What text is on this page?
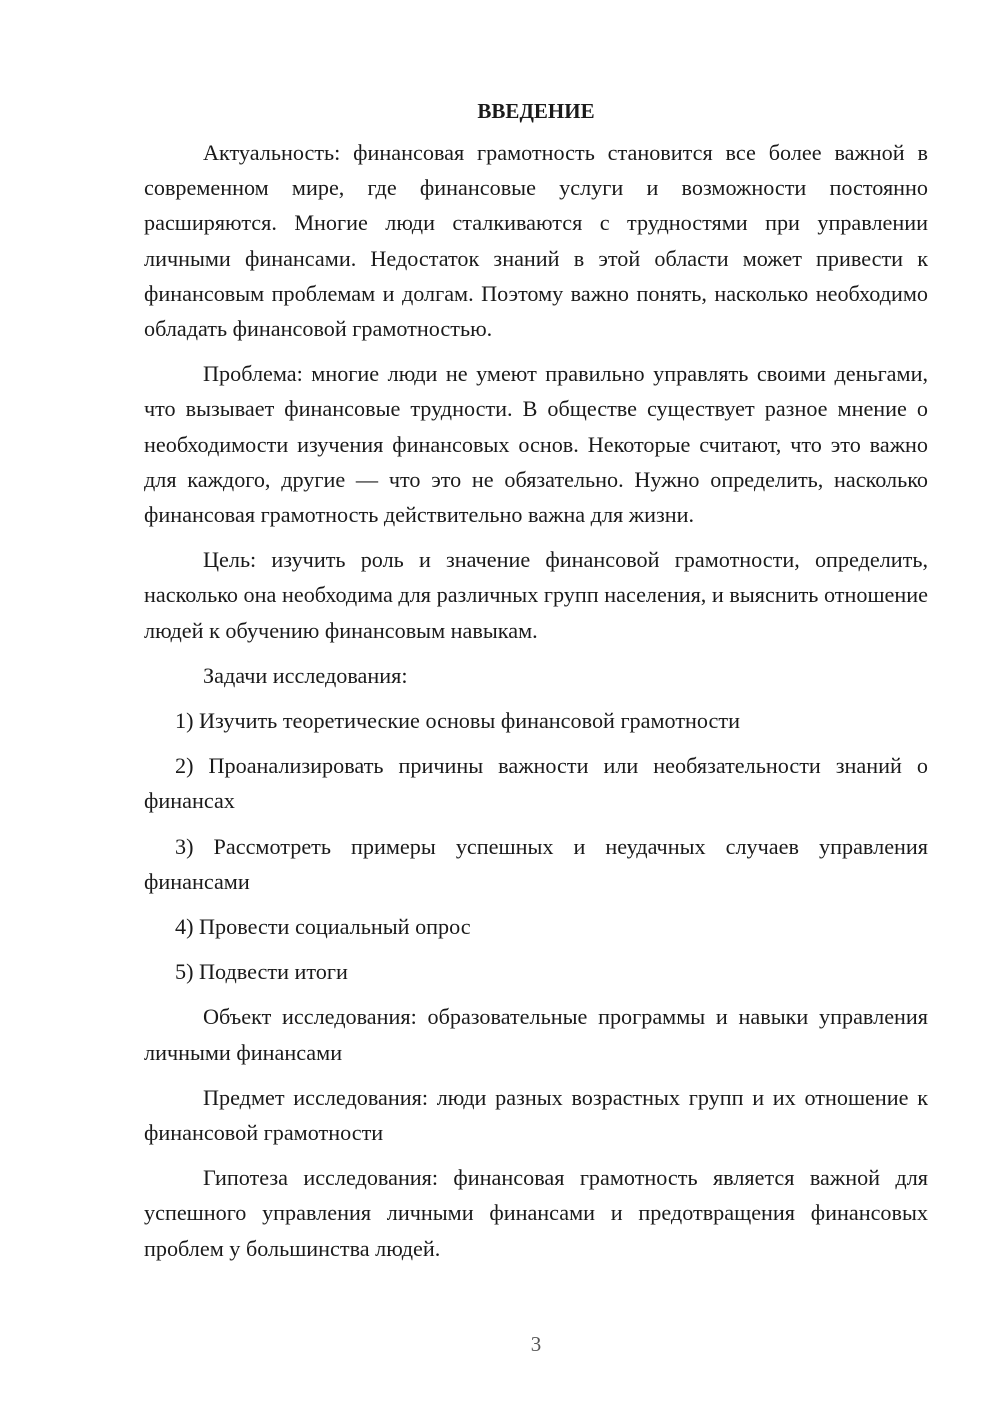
ВВЕДЕНИЕ

Актуальность: финансовая грамотность становится все более важной в современном мире, где финансовые услуги и возможности постоянно расширяются. Многие люди сталкиваются с трудностями при управлении личными финансами. Недостаток знаний в этой области может привести к финансовым проблемам и долгам. Поэтому важно понять, насколько необходимо обладать финансовой грамотностью.

Проблема: многие люди не умеют правильно управлять своими деньгами, что вызывает финансовые трудности. В обществе существует разное мнение о необходимости изучения финансовых основ. Некоторые считают, что это важно для каждого, другие — что это не обязательно. Нужно определить, насколько финансовая грамотность действительно важна для жизни.

Цель: изучить роль и значение финансовой грамотности, определить, насколько она необходима для различных групп населения, и выяснить отношение людей к обучению финансовым навыкам.

Задачи исследования:

1) Изучить теоретические основы финансовой грамотности

2) Проанализировать причины важности или необязательности знаний о финансах

3) Рассмотреть примеры успешных и неудачных случаев управления финансами

4) Провести социальный опрос

5) Подвести итоги

Объект исследования: образовательные программы и навыки управления личными финансами

Предмет исследования: люди разных возрастных групп и их отношение к финансовой грамотности

Гипотеза исследования: финансовая грамотность является важной для успешного управления личными финансами и предотвращения финансовых проблем у большинства людей.

3
